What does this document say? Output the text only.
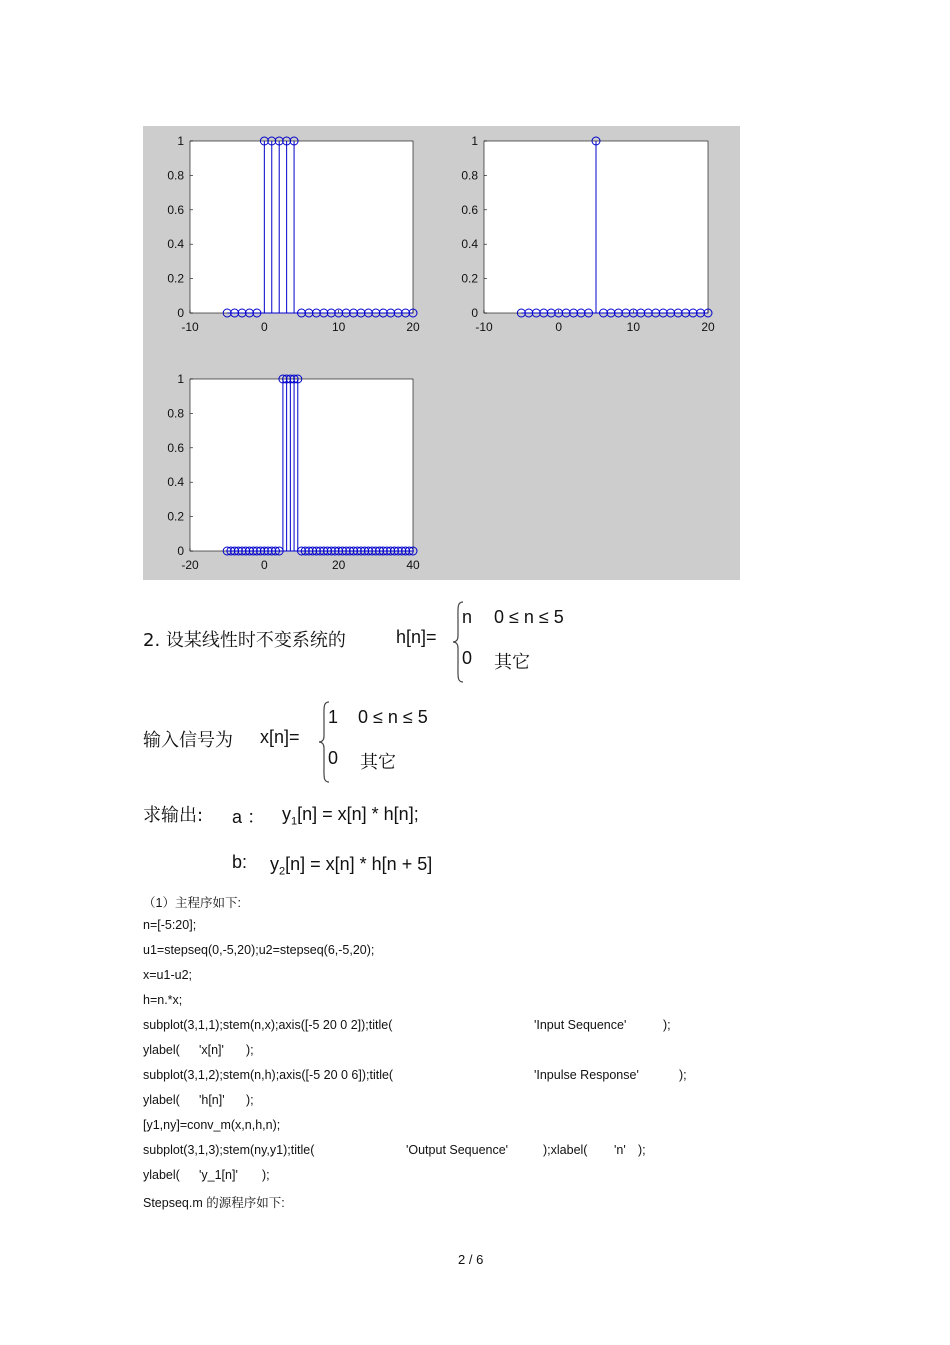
0
0.2
0.4
0.6
0.8
1
-10	0	10	20
0
0.2
0.4
0.6
0.8
1
-10	0	10	20
0
0.2
0.4
0.6
0.8
1
-20	0	20	40
2. 设某线性时不变系统的	h[n]=
n 0 ≤ n ≤ 5
0 其它
输入信号为 x[n]=
1 0 ≤ n ≤ 5
0 其它
求输出: a ： $y_1[n] = x[n] * h[n]$;
b: $y_2[n] = x[n] * h[n + 5]$
（1）主程序如下:
n=[-5:20];
u1=stepseq(0,-5,20);u2=stepseq(6,-5,20);
x=u1-u2;
h=n.*x;
subplot(3,1,1);stem(n,x);axis([-5 20 0 2]);title(	'Input Sequence'	);
ylabel( 'x[n]' );
subplot(3,1,2);stem(n,h);axis([-5 20 0 6]);title(	'Inpulse Response'	);
ylabel( 'h[n]' );
[y1,ny]=conv_m(x,n,h,n);
subplot(3,1,3);stem(ny,y1);title(	'Output Sequence'	);xlabel( 'n' );
ylabel( 'y_1[n]' );
Stepseq.m 的源程序如下:
2 / 6
